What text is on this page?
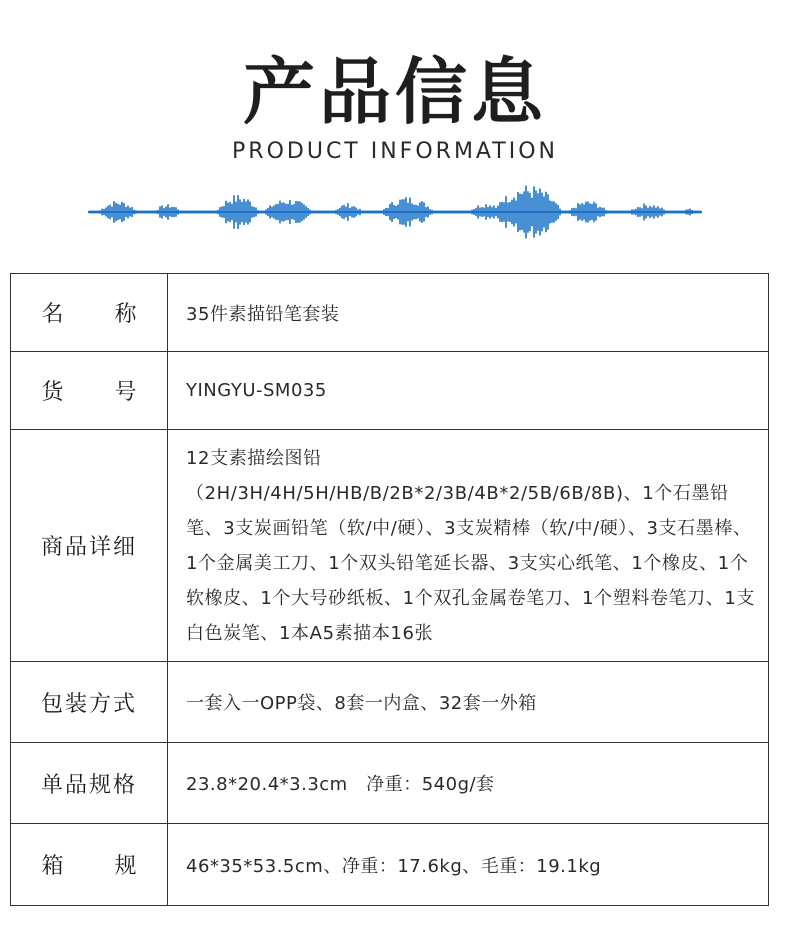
产品信息
PRODUCT INFORMATION
名 称	35件素描铅笔套装
货 号	YINGYU-SM035
商品详细	12支素描绘图铅（2H/3H/4H/5H/HB/B/2B*2/3B/4B*2/5B/6B/8B)、1个石墨铅笔、3支炭画铅笔（软/中/硬）、3支炭精棒（软/中/硬）、3支石墨棒、1个金属美工刀、1个双头铅笔延长器、3支实心纸笔、1个橡皮、1个软橡皮、1个大号砂纸板、1个双孔金属卷笔刀、1个塑料卷笔刀、1支白色炭笔、1本A5素描本16张
包装方式	一套入一OPP袋、8套一内盒、32套一外箱
单品规格	23.8*20.4*3.3cm　净重：540g/套
箱 规	46*35*53.5cm、净重：17.6kg、毛重：19.1kg
